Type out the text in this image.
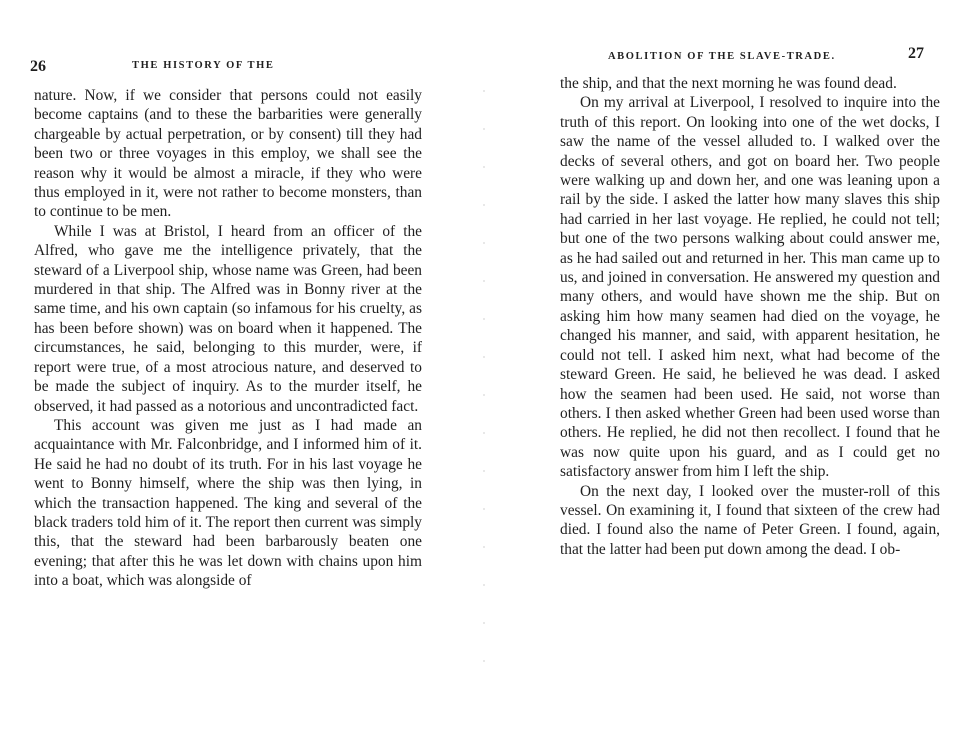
26	THE HISTORY OF THE

nature. Now, if we consider that persons could not easily become captains (and to these the barbarities were generally chargeable by actual perpetration, or by consent) till they had been two or three voyages in this employ, we shall see the reason why it would be almost a miracle, if they who were thus employed in it, were not rather to become monsters, than to continue to be men.

While I was at Bristol, I heard from an officer of the Alfred, who gave me the intelligence privately, that the steward of a Liverpool ship, whose name was Green, had been murdered in that ship. The Alfred was in Bonny river at the same time, and his own captain (so infamous for his cruelty, as has been before shown) was on board when it happened. The circumstances, he said, belonging to this murder, were, if report were true, of a most atrocious nature, and deserved to be made the subject of inquiry. As to the murder itself, he observed, it had passed as a notorious and uncontradicted fact.

This account was given me just as I had made an acquaintance with Mr. Falconbridge, and I informed him of it. He said he had no doubt of its truth. For in his last voyage he went to Bonny himself, where the ship was then lying, in which the transaction happened. The king and several of the black traders told him of it. The report then current was simply this, that the steward had been barbarously beaten one evening; that after this he was let down with chains upon him into a boat, which was alongside of

ABOLITION OF THE SLAVE-TRADE.	27

the ship, and that the next morning he was found dead.

On my arrival at Liverpool, I resolved to inquire into the truth of this report. On looking into one of the wet docks, I saw the name of the vessel alluded to. I walked over the decks of several others, and got on board her. Two people were walking up and down her, and one was leaning upon a rail by the side. I asked the latter how many slaves this ship had carried in her last voyage. He replied, he could not tell; but one of the two persons walking about could answer me, as he had sailed out and returned in her. This man came up to us, and joined in conversation. He answered my question and many others, and would have shown me the ship. But on asking him how many seamen had died on the voyage, he changed his manner, and said, with apparent hesitation, he could not tell. I asked him next, what had become of the steward Green. He said, he believed he was dead. I asked how the seamen had been used. He said, not worse than others. I then asked whether Green had been used worse than others. He replied, he did not then recollect. I found that he was now quite upon his guard, and as I could get no satisfactory answer from him I left the ship.

On the next day, I looked over the muster-roll of this vessel. On examining it, I found that sixteen of the crew had died. I found also the name of Peter Green. I found, again, that the latter had been put down among the dead. I ob-
